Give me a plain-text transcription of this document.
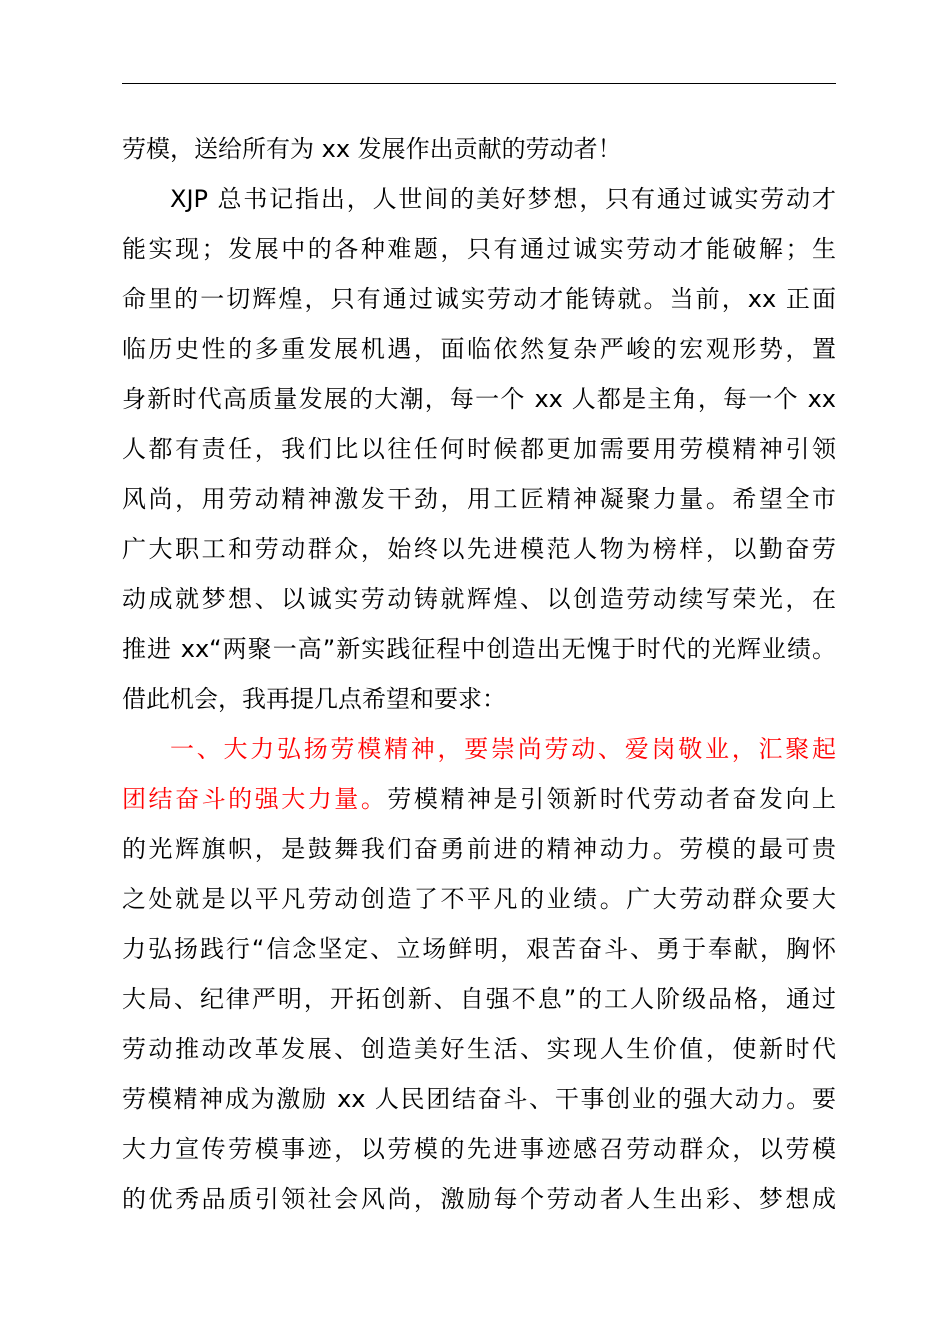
劳模，送给所有为 xx 发展作出贡献的劳动者！
XJP 总书记指出，人世间的美好梦想，只有通过诚实劳动才
能实现；发展中的各种难题，只有通过诚实劳动才能破解；生
命里的一切辉煌，只有通过诚实劳动才能铸就。当前，xx 正面
临历史性的多重发展机遇，面临依然复杂严峻的宏观形势，置
身新时代高质量发展的大潮，每一个 xx 人都是主角，每一个 xx
人都有责任，我们比以往任何时候都更加需要用劳模精神引领
风尚，用劳动精神激发干劲，用工匠精神凝聚力量。希望全市
广大职工和劳动群众，始终以先进模范人物为榜样，以勤奋劳
动成就梦想、以诚实劳动铸就辉煌、以创造劳动续写荣光，在
推进 xx“两聚一高”新实践征程中创造出无愧于时代的光辉业绩。
借此机会，我再提几点希望和要求：
一、大力弘扬劳模精神，要崇尚劳动、爱岗敬业，汇聚起
团结奋斗的强大力量。劳模精神是引领新时代劳动者奋发向上
的光辉旗帜，是鼓舞我们奋勇前进的精神动力。劳模的最可贵
之处就是以平凡劳动创造了不平凡的业绩。广大劳动群众要大
力弘扬践行“信念坚定、立场鲜明，艰苦奋斗、勇于奉献，胸怀
大局、纪律严明，开拓创新、自强不息”的工人阶级品格，通过
劳动推动改革发展、创造美好生活、实现人生价值，使新时代
劳模精神成为激励 xx 人民团结奋斗、干事创业的强大动力。要
大力宣传劳模事迹，以劳模的先进事迹感召劳动群众，以劳模
的优秀品质引领社会风尚，激励每个劳动者人生出彩、梦想成
